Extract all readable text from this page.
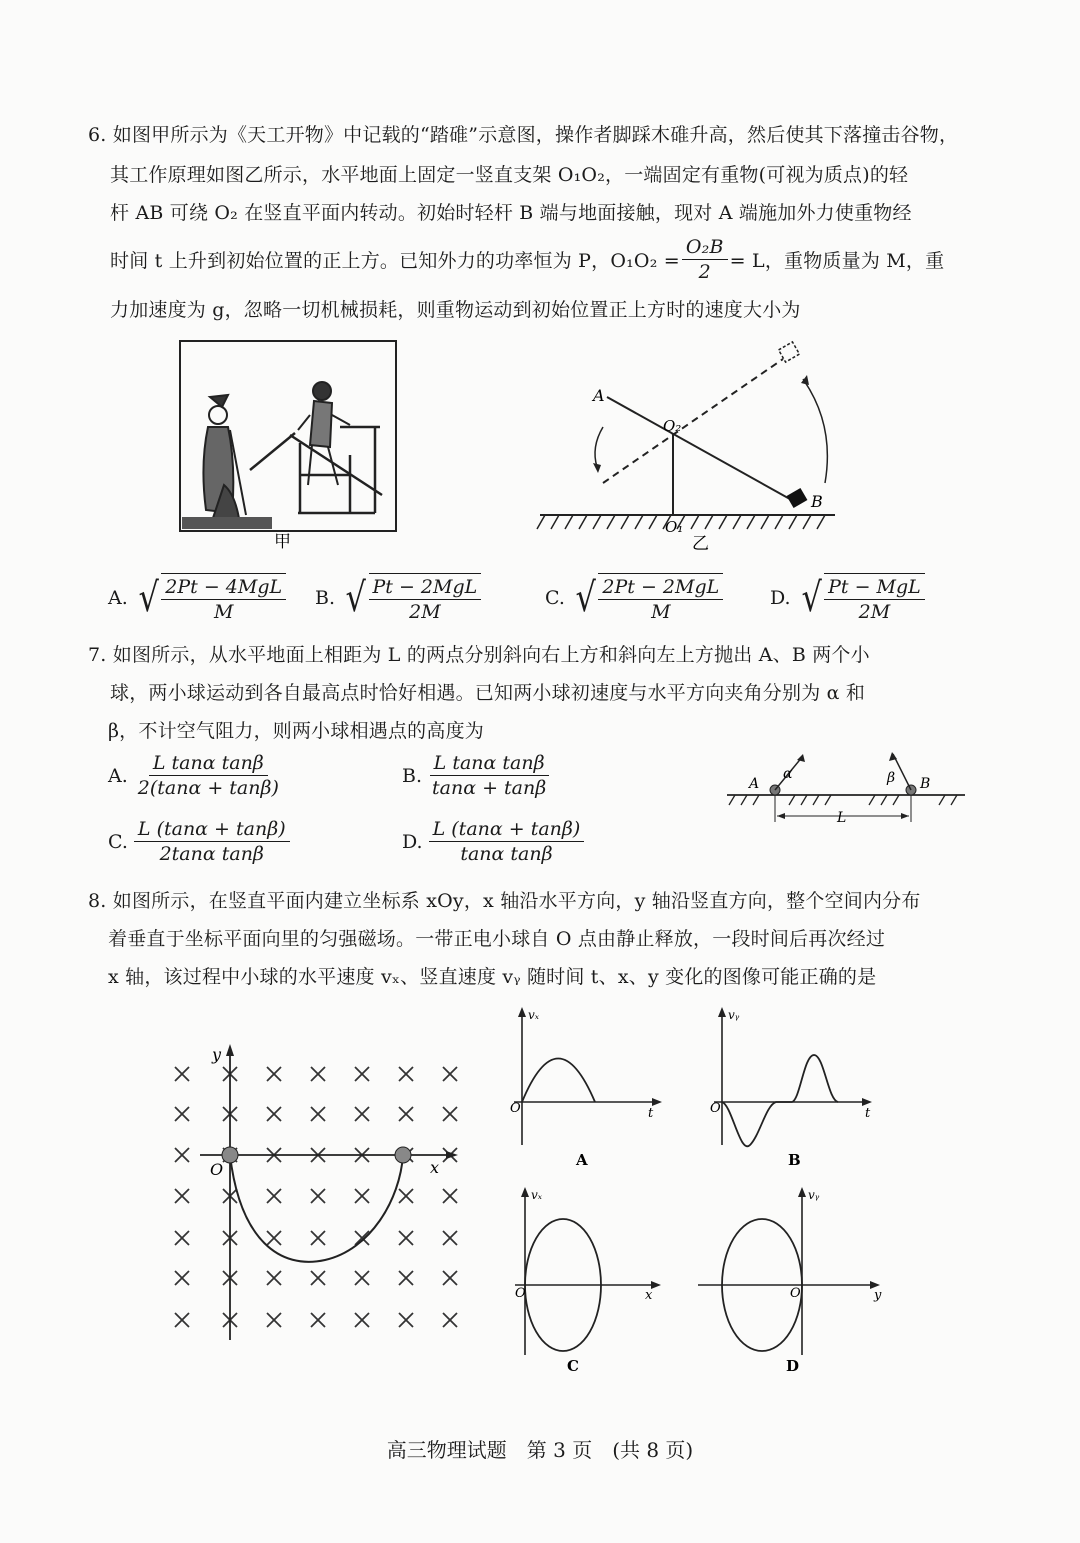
6. 如图甲所示为《天工开物》中记载的“踏碓”示意图，操作者脚踩木碓升高，然后使其下落撞击谷物，
其工作原理如图乙所示，水平地面上固定一竖直支架 O₁O₂，一端固定有重物(可视为质点)的轻
杆 AB 可绕 O₂ 在竖直平面内转动。初始时轻杆 B 端与地面接触，现对 A 端施加外力使重物经
时间 t 上升到初始位置的正上方。已知外力的功率恒为 P，$O_1O_2 = \frac{\text{O₂B}}{2} = L$，重物质量为 M，重
力加速度为 g，忽略一切机械损耗，则重物运动到初始位置正上方时的速度大小为
甲
A
O₂
O₁
B
乙
A. √ $\frac{\text{2Pt − 4MgL}}{M} B$. √ $\frac{\text{Pt − 2MgL}}{2M}$	C. √ $\frac{\text{2Pt − 2MgL}}{M} D$. √ $\frac{\text{Pt − MgL}}{2M}$
7. 如图所示，从水平地面上相距为 L 的两点分别斜向右上方和斜向左上方抛出 A、B 两个小
球，两小球运动到各自最高点时恰好相遇。已知两小球初速度与水平方向夹角分别为 α 和
β，不计空气阻力，则两小球相遇点的高度为
A. $\frac{\text{L tanα tanβ}}{2(\tan\alpha + \tan\beta)}$	B. $\frac{\text{L tanα tanβ}}{\tan\alpha + \tan\beta}$
C. $\frac{L (\tan\alpha + \tan\beta)}{\text{2tanα tanβ}}$	D. $\frac{L (\tan\alpha + \tan\beta)}{\text{tanα tanβ}}$
A
α	β B
L
8. 如图所示，在竖直平面内建立坐标系 xOy，x 轴沿水平方向，y 轴沿竖直方向，整个空间内分布
着垂直于坐标平面向里的匀强磁场。一带正电小球自 O 点由静止释放，一段时间后再次经过
x 轴，该过程中小球的水平速度 vₓ、竖直速度 vᵧ 随时间 t、x、y 变化的图像可能正确的是
y
O	x
vₓ
O	t
A
vᵧ
O	t
B
vₓ
O	x
C
vᵧ
O	y
D
高三物理试题　第 3 页　(共 8 页)
